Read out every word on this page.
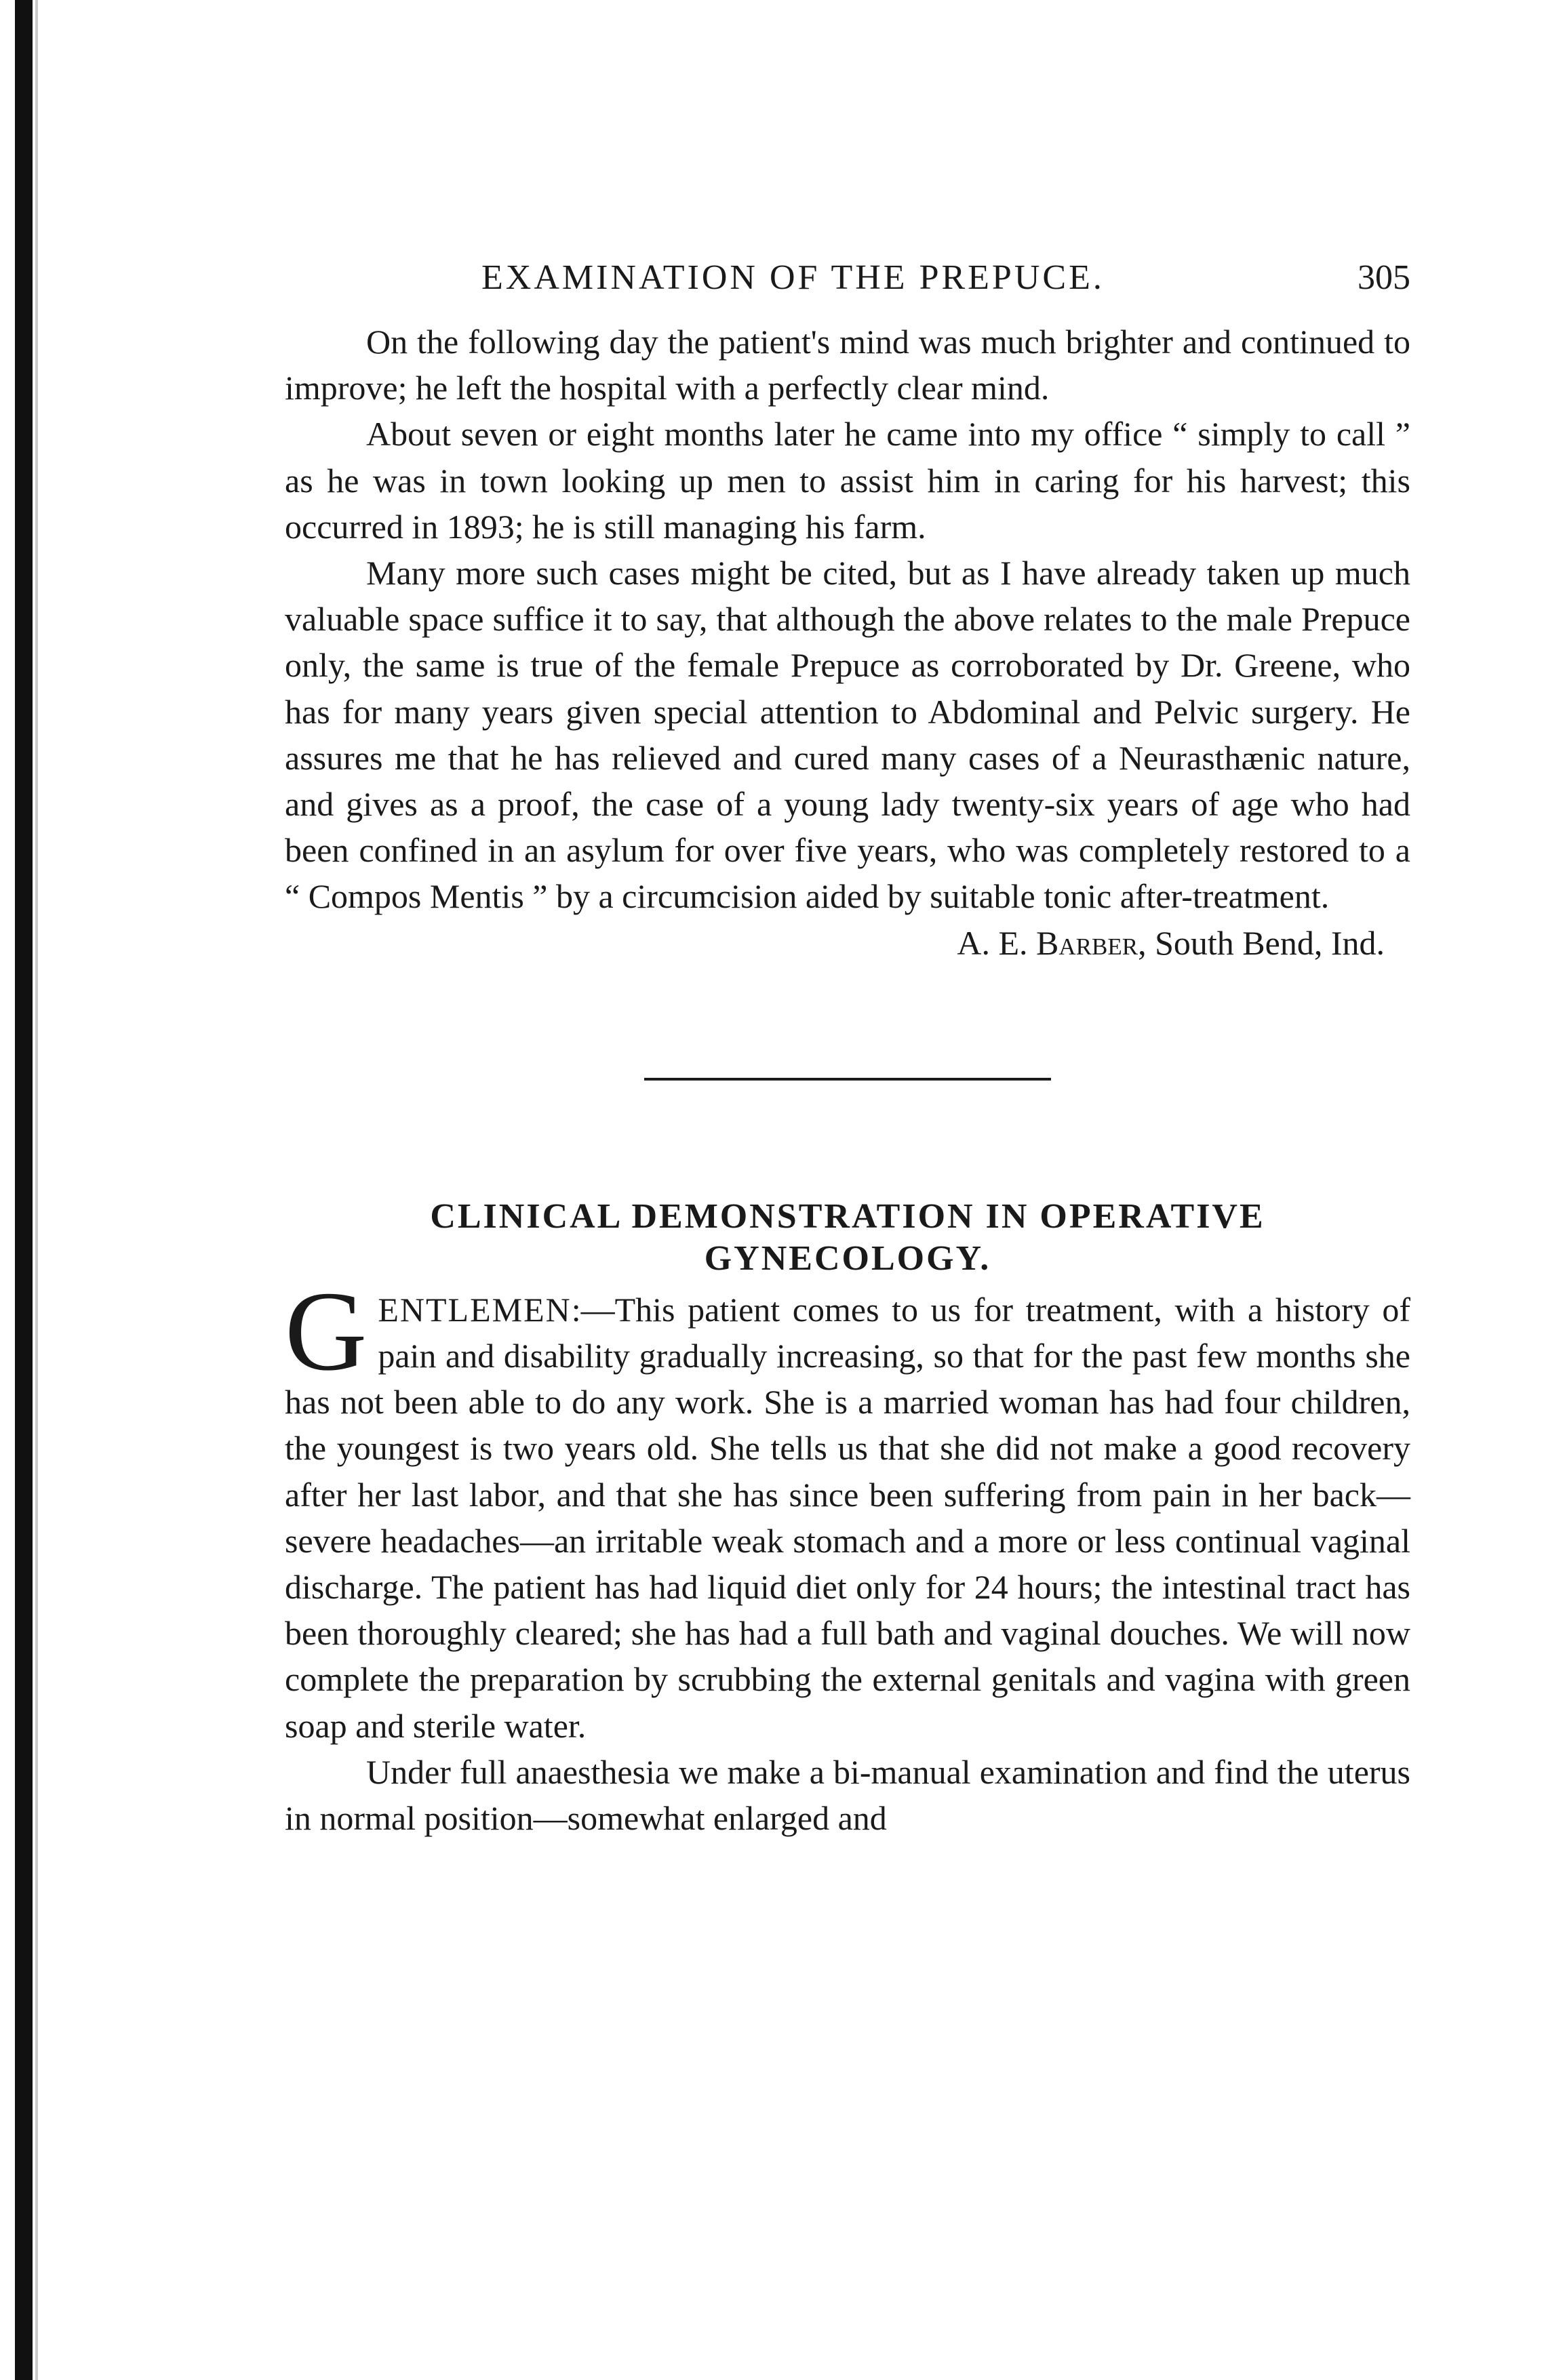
EXAMINATION OF THE PREPUCE.	305

On the following day the patient's mind was much brighter and continued to improve; he left the hospital with a perfectly clear mind.

About seven or eight months later he came into my office “ simply to call ” as he was in town looking up men to assist him in caring for his harvest; this occurred in 1893; he is still managing his farm.

Many more such cases might be cited, but as I have already taken up much valuable space suffice it to say, that although the above relates to the male Prepuce only, the same is true of the female Prepuce as corroborated by Dr. Greene, who has for many years given special attention to Abdominal and Pelvic surgery. He assures me that he has relieved and cured many cases of a Neurasthænic nature, and gives as a proof, the case of a young lady twenty-six years of age who had been confined in an asylum for over five years, who was completely restored to a “ Compos Mentis ” by a circumcision aided by suitable tonic after-treatment.

A. E. Barber, South Bend, Ind.

CLINICAL DEMONSTRATION IN OPERATIVE GYNECOLOGY.

GENTLEMEN:—This patient comes to us for treatment, with a history of pain and disability gradually increasing, so that for the past few months she has not been able to do any work. She is a married woman has had four children, the youngest is two years old. She tells us that she did not make a good recovery after her last labor, and that she has since been suffering from pain in her back—severe headaches—an irritable weak stomach and a more or less continual vaginal discharge. The patient has had liquid diet only for 24 hours; the intestinal tract has been thoroughly cleared; she has had a full bath and vaginal douches. We will now complete the preparation by scrubbing the external genitals and vagina with green soap and sterile water.

Under full anaesthesia we make a bi-manual examination and find the uterus in normal position—somewhat enlarged and
